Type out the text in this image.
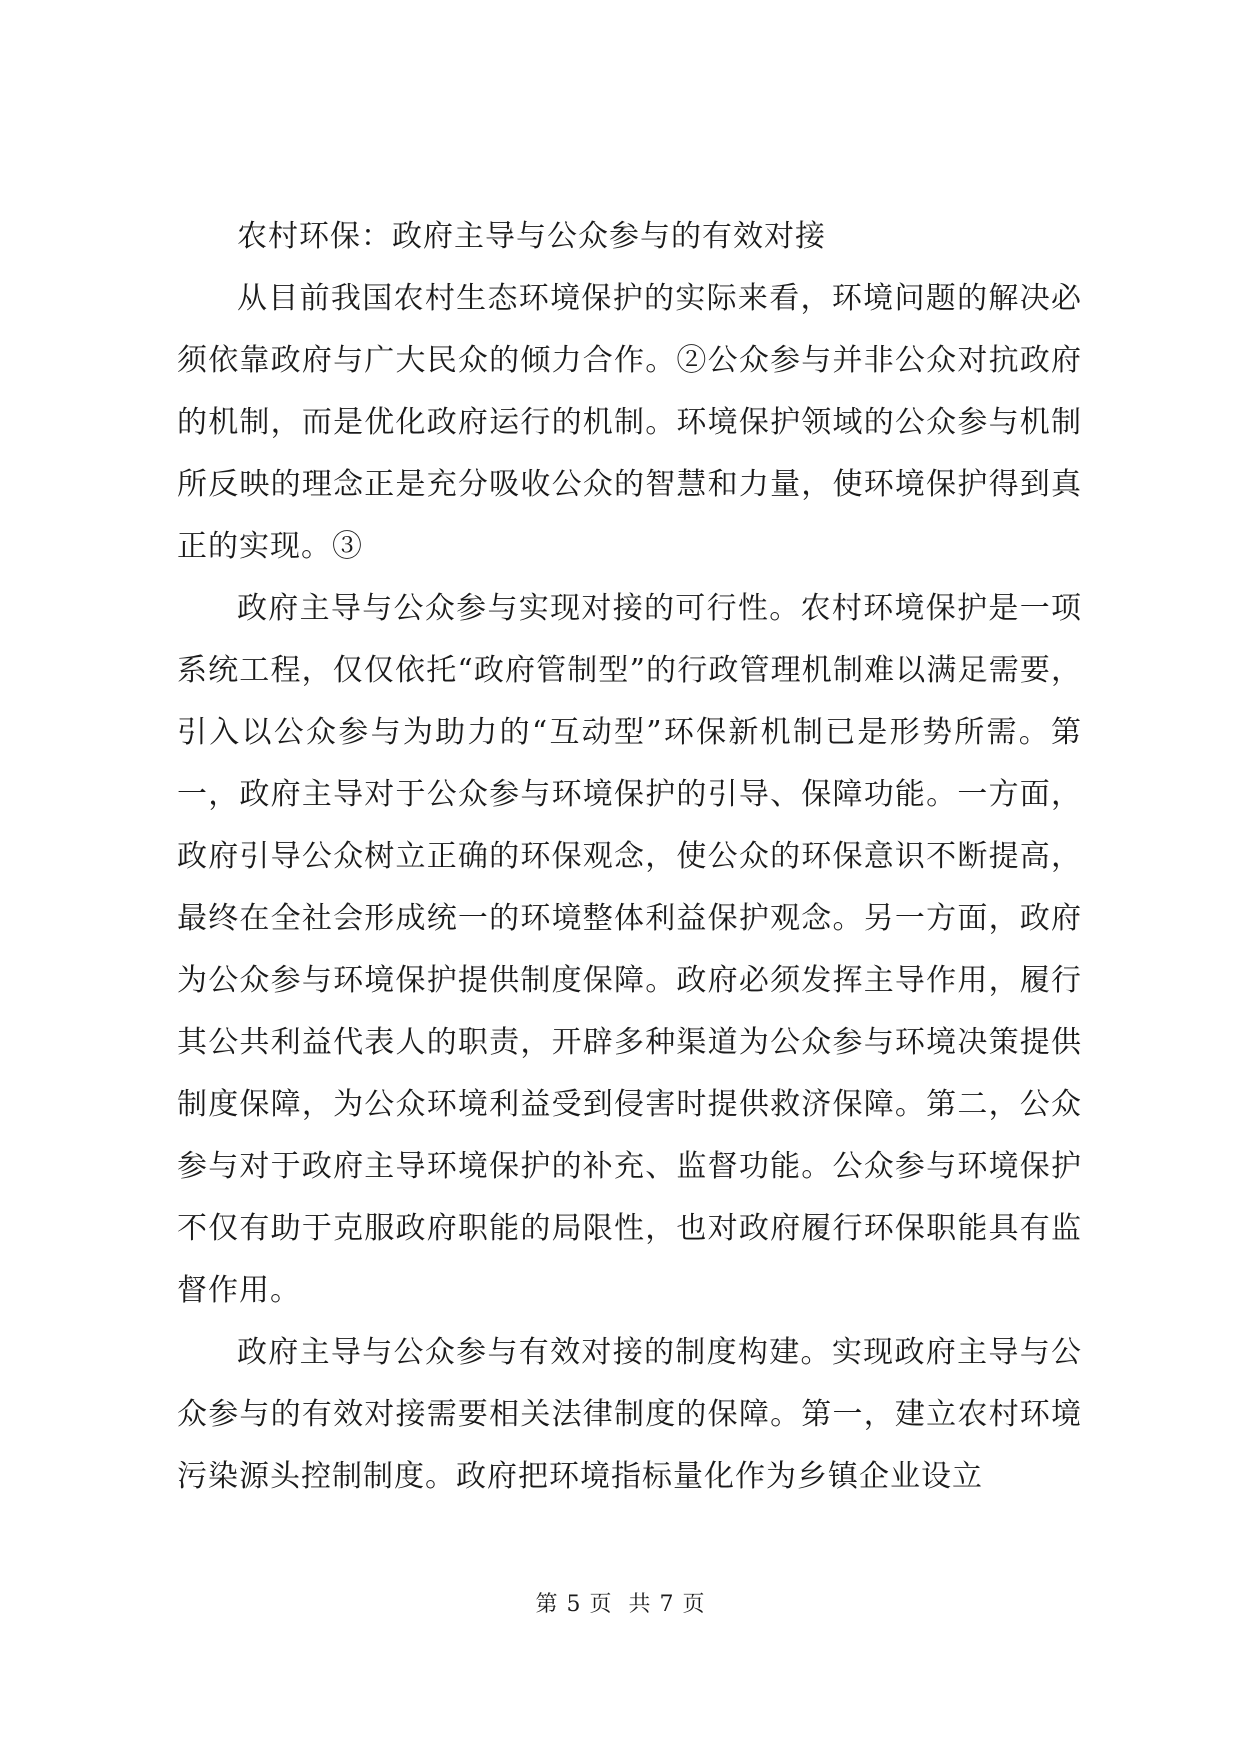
农村环保：政府主导与公众参与的有效对接

从目前我国农村生态环境保护的实际来看，环境问题的解决必须依靠政府与广大民众的倾力合作。②公众参与并非公众对抗政府的机制，而是优化政府运行的机制。环境保护领域的公众参与机制所反映的理念正是充分吸收公众的智慧和力量，使环境保护得到真正的实现。③

政府主导与公众参与实现对接的可行性。农村环境保护是一项系统工程，仅仅依托“政府管制型”的行政管理机制难以满足需要，引入以公众参与为助力的“互动型”环保新机制已是形势所需。第一，政府主导对于公众参与环境保护的引导、保障功能。一方面，政府引导公众树立正确的环保观念，使公众的环保意识不断提高，最终在全社会形成统一的环境整体利益保护观念。另一方面，政府为公众参与环境保护提供制度保障。政府必须发挥主导作用，履行其公共利益代表人的职责，开辟多种渠道为公众参与环境决策提供制度保障，为公众环境利益受到侵害时提供救济保障。第二，公众参与对于政府主导环境保护的补充、监督功能。公众参与环境保护不仅有助于克服政府职能的局限性，也对政府履行环保职能具有监督作用。

政府主导与公众参与有效对接的制度构建。实现政府主导与公众参与的有效对接需要相关法律制度的保障。第一，建立农村环境污染源头控制制度。政府把环境指标量化作为乡镇企业设立

第 5 页 共 7 页
